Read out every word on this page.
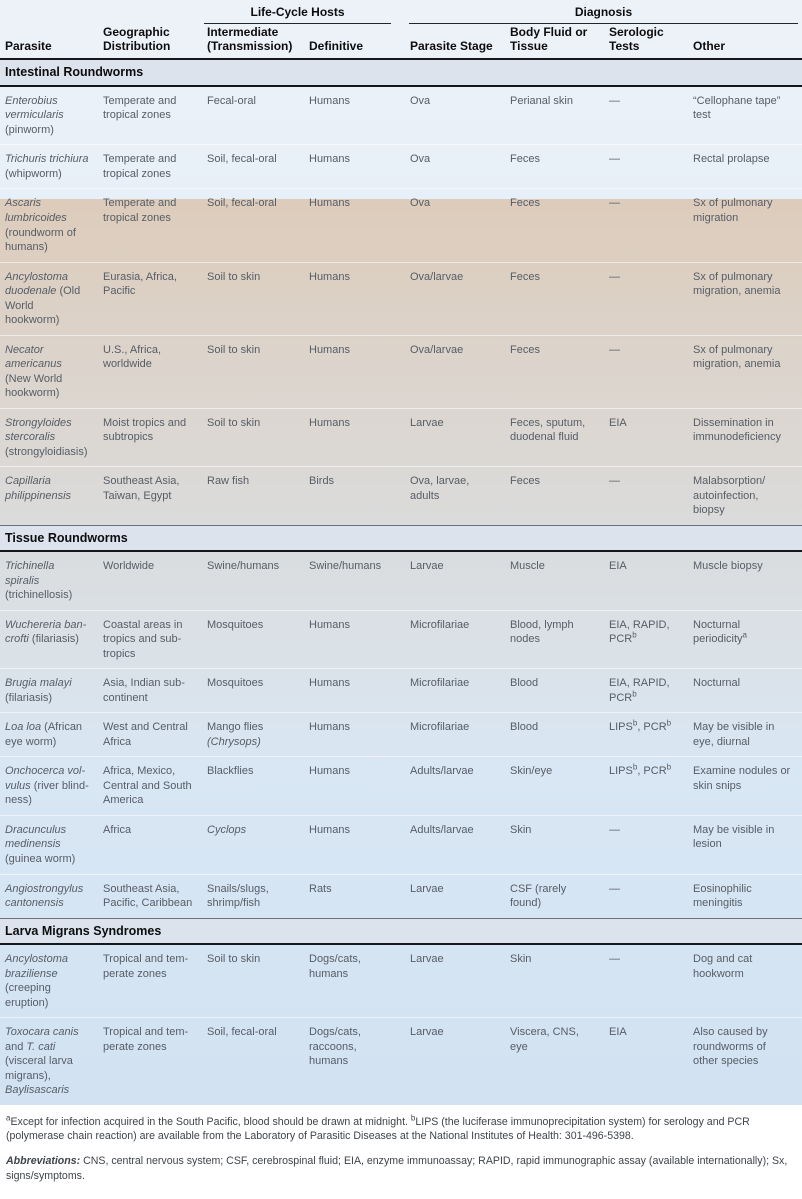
		Life-Cycle Hosts		Diagnosis			

Parasite	Geographic Distribution	Intermediate (Transmission)	Definitive	Parasite Stage	Body Fluid or Tissue	Serologic Tests	Other
Intestinal Roundworms							
Enterobius vermicularis (pinworm)	Temperate and tropical zones	Fecal-oral	Humans	Ova	Perianal skin	—	“Cellophane tape” test
Trichuris trichiura (whipworm)	Temperate and tropical zones	Soil, fecal-oral	Humans	Ova	Feces	—	Rectal prolapse
Ascaris lumbricoides (roundworm of humans)	Temperate and tropical zones	Soil, fecal-oral	Humans	Ova	Feces	—	Sx of pulmonary migration
Ancylostoma duodenale (Old World hookworm)	Eurasia, Africa, Pacific	Soil to skin	Humans	Ova/larvae	Feces	—	Sx of pulmonary migration, anemia
Necator americanus (New World hookworm)	U.S., Africa, worldwide	Soil to skin	Humans	Ova/larvae	Feces	—	Sx of pulmonary migration, anemia
Strongyloides stercoralis (strongyloidiasis)	Moist tropics and subtropics	Soil to skin	Humans	Larvae	Feces, sputum, duodenal fluid	EIA	Dissemination in immunodeficiency
Capillaria philippinensis	Southeast Asia, Taiwan, Egypt	Raw fish	Birds	Ova, larvae, adults	Feces	—	Malabsorption/ autoinfection, biopsy
Tissue Roundworms							
Trichinella spiralis (trichinellosis)	Worldwide	Swine/humans	Swine/humans	Larvae	Muscle	EIA	Muscle biopsy
Wuchereria bancrofti (filariasis)	Coastal areas in tropics and subtropics	Mosquitoes	Humans	Microfilariae	Blood, lymph nodes	EIA, RAPID, PCR$^b$	Nocturnal periodicity$^a$
Brugia malayi (filariasis)	Asia, Indian subcontinent	Mosquitoes	Humans	Microfilariae	Blood	EIA, RAPID, PCR$^b$	Nocturnal
Loa loa (African eye worm)	West and Central Africa	Mango flies (Chrysops)	Humans	Microfilariae	Blood	LIPS$^b$, PCR$^b$	May be visible in eye, diurnal
Onchocerca volvulus (river blindness)	Africa, Mexico, Central and South America	Blackflies	Humans	Adults/larvae	Skin/eye	LIPS$^b$, PCR$^b$	Examine nodules or skin snips
Dracunculus medinensis (guinea worm)	Africa	Cyclops	Humans	Adults/larvae	Skin	—	May be visible in lesion
Angiostrongylus cantonensis	Southeast Asia, Pacific, Caribbean	Snails/slugs, shrimp/fish	Rats	Larvae	CSF (rarely found)	—	Eosinophilic meningitis
Larva Migrans Syndromes							
Ancylostoma braziliense (creeping eruption)	Tropical and temperate zones	Soil to skin	Dogs/cats, humans	Larvae	Skin	—	Dog and cat hookworm
Toxocara canis and T. cati (visceral larva migrans), Baylisascaris	Tropical and temperate zones	Soil, fecal-oral	Dogs/cats, raccoons, humans	Larvae	Viscera, CNS, eye	EIA	Also caused by roundworms of other species

$^a$Except for infection acquired in the South Pacific, blood should be drawn at midnight. $^b$LIPS (the luciferase immunoprecipitation system) for serology and PCR (polymerase chain reaction) are available from the Laboratory of Parasitic Diseases at the National Institutes of Health: 301-496-5398.

Abbreviations: CNS, central nervous system; CSF, cerebrospinal fluid; EIA, enzyme immunoassay; RAPID, rapid immunographic assay (available internationally); Sx, signs/symptoms.
